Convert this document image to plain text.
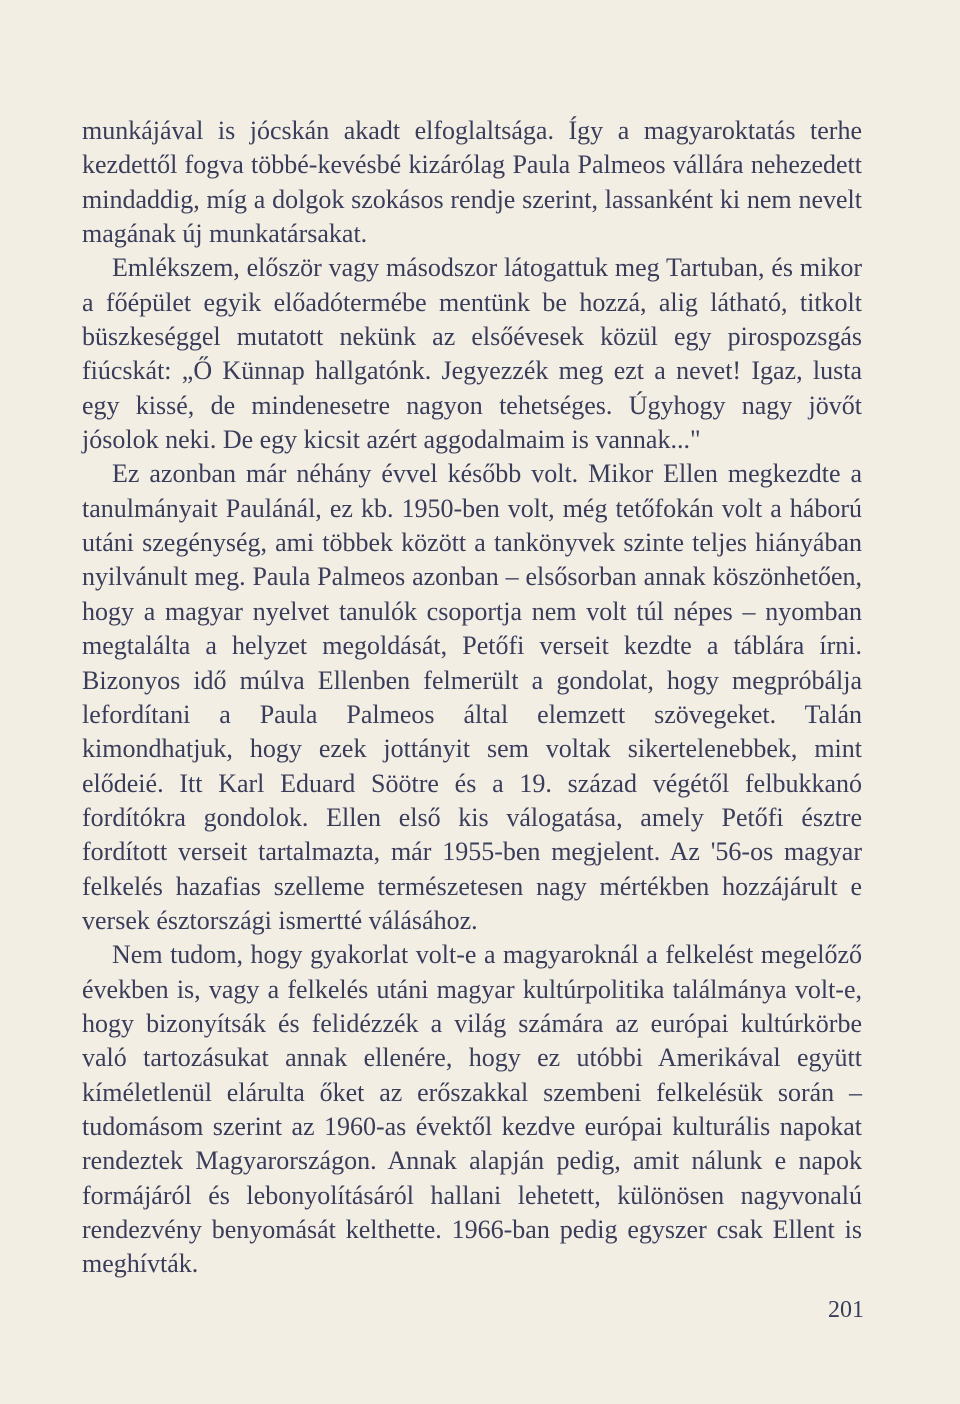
munkájával is jócskán akadt elfoglaltsága. Így a magyaroktatás terhe kezdettől fogva többé-kevésbé kizárólag Paula Palmeos vállára nehezedett mindaddig, míg a dolgok szokásos rendje szerint, lassanként ki nem nevelt magának új munkatársakat.

Emlékszem, először vagy másodszor látogattuk meg Tartuban, és mikor a főépület egyik előadótermébe mentünk be hozzá, alig látható, titkolt büszkeséggel mutatott nekünk az elsőévesek közül egy pirospozsgás fiúcskát: „Ő Künnap hallgatónk. Jegyezzék meg ezt a nevet! Igaz, lusta egy kissé, de mindenesetre nagyon tehetséges. Úgyhogy nagy jövőt jósolok neki. De egy kicsit azért aggodalmaim is vannak..."

Ez azonban már néhány évvel később volt. Mikor Ellen megkezdte a tanulmányait Paulánál, ez kb. 1950-ben volt, még tetőfokán volt a háború utáni szegénység, ami többek között a tankönyvek szinte teljes hiányában nyilvánult meg. Paula Palmeos azonban – elsősorban annak köszönhetően, hogy a magyar nyelvet tanulók csoportja nem volt túl népes – nyomban megtalálta a helyzet megoldását, Petőfi verseit kezdte a táblára írni. Bizonyos idő múlva Ellenben felmerült a gondolat, hogy megpróbálja lefordítani a Paula Palmeos által elemzett szövegeket. Talán kimondhatjuk, hogy ezek jottányit sem voltak sikertelenebbek, mint elődeié. Itt Karl Eduard Söötre és a 19. század végétől felbukkanó fordítókra gondolok. Ellen első kis válogatása, amely Petőfi észtre fordított verseit tartalmazta, már 1955-ben megjelent. Az '56-os magyar felkelés hazafias szelleme természetesen nagy mértékben hozzájárult e versek észtországi ismertté válásához.

Nem tudom, hogy gyakorlat volt-e a magyaroknál a felkelést megelőző években is, vagy a felkelés utáni magyar kultúrpolitika találmánya volt-e, hogy bizonyítsák és felidézzék a világ számára az európai kultúrkörbe való tartozásukat annak ellenére, hogy ez utóbbi Amerikával együtt kíméletlenül elárulta őket az erőszakkal szembeni felkelésük során – tudomásom szerint az 1960-as évektől kezdve európai kulturális napokat rendeztek Magyarországon. Annak alapján pedig, amit nálunk e napok formájáról és lebonyolításáról hallani lehetett, különösen nagyvonalú rendezvény benyomását kelthette. 1966-ban pedig egyszer csak Ellent is meghívták.

201
